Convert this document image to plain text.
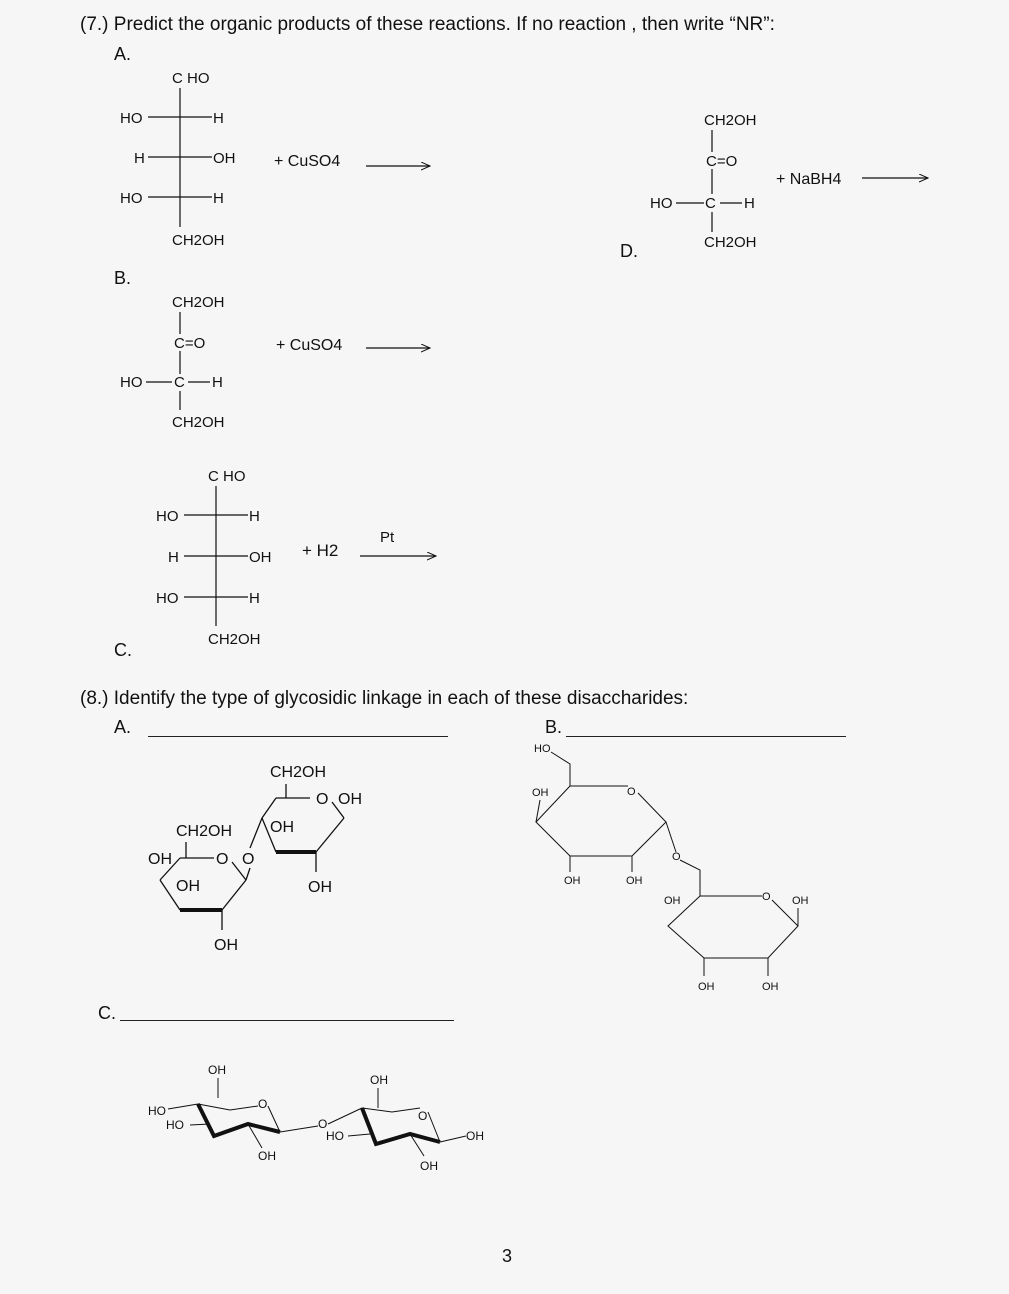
(7.) Predict the organic products of these reactions. If no reaction , then write “NR”:
A.
B.
C.
D.
(8.) Identify the type of glycosidic linkage in each of these disaccharides:
A.	B.
C.
3
C HO
HO	H
H	OH
HO	H
CH2OH
+ CuSO4
CH2OH
C=O
HO C H
CH2OH
+ CuSO4
C HO
HO	H
H	OH
HO	H
CH2OH
+ H2
Pt
CH2OH
C=O
HO C H
CH2OH
+ NaBH4
CH2OH
O OH
OH
OH
O
CH2OH
O
OH
OH
OH
HO
O
OH
OH	OH
O
O
OH	OH
OH	OH
OH
HO
HO
O
OH
O
OH
O
HO	OH
OH
